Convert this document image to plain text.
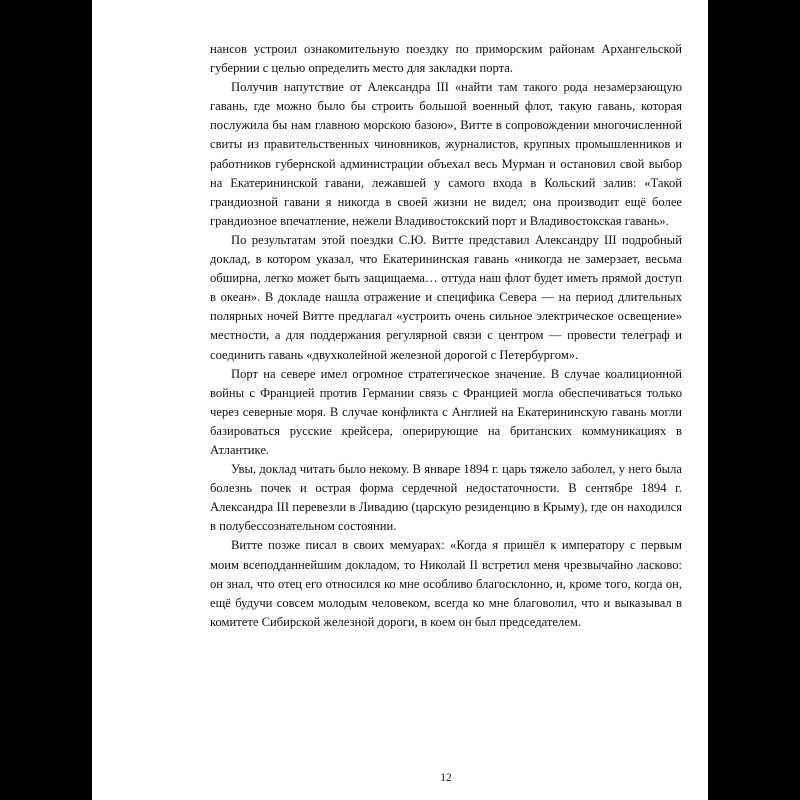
нансов устроил ознакомительную поездку по приморским районам Архангельской губернии с целью определить место для закладки порта.

Получив напутствие от Александра III «найти там такого рода незамерзающую гавань, где можно было бы строить большой военный флот, такую гавань, которая послужила бы нам главною морскою базою», Витте в сопровождении многочисленной свиты из правительственных чиновников, журналистов, крупных промышленников и работников губернской администрации объехал весь Мурман и остановил свой выбор на Екатерининской гавани, лежавшей у самого входа в Кольский залив: «Такой грандиозной гавани я никогда в своей жизни не видел; она производит ещё более грандиозное впечатление, нежели Владивостокский порт и Владивостокская гавань».

По результатам этой поездки С.Ю. Витте представил Александру III подробный доклад, в котором указал, что Екатерининская гавань «никогда не замерзает, весьма обширна, легко может быть защищаема… оттуда наш флот будет иметь прямой доступ в океан». В докладе нашла отражение и специфика Севера — на период длительных полярных ночей Витте предлагал «устроить очень сильное электрическое освещение» местности, а для поддержания регулярной связи с центром — провести телеграф и соединить гавань «двухколейной железной дорогой с Петербургом».

Порт на севере имел огромное стратегическое значение. В случае коалиционной войны с Францией против Германии связь с Францией могла обеспечиваться только через северные моря. В случае конфликта с Англией на Екатерининскую гавань могли базироваться русские крейсера, оперирующие на британских коммуникациях в Атлантике.

Увы, доклад читать было некому. В январе 1894 г. царь тяжело заболел, у него была болезнь почек и острая форма сердечной недостаточности. В сентябре 1894 г. Александра III перевезли в Ливадию (царскую резиденцию в Крыму), где он находился в полубессознательном состоянии.

Витте позже писал в своих мемуарах: «Когда я пришёл к императору с первым моим всеподданнейшим докладом, то Николай II встретил меня чрезвычайно ласково: он знал, что отец его относился ко мне особливо благосклонно, и, кроме того, когда он, ещё будучи совсем молодым человеком, всегда ко мне благоволил, что и выказывал в комитете Сибирской железной дороги, в коем он был председателем.

12
